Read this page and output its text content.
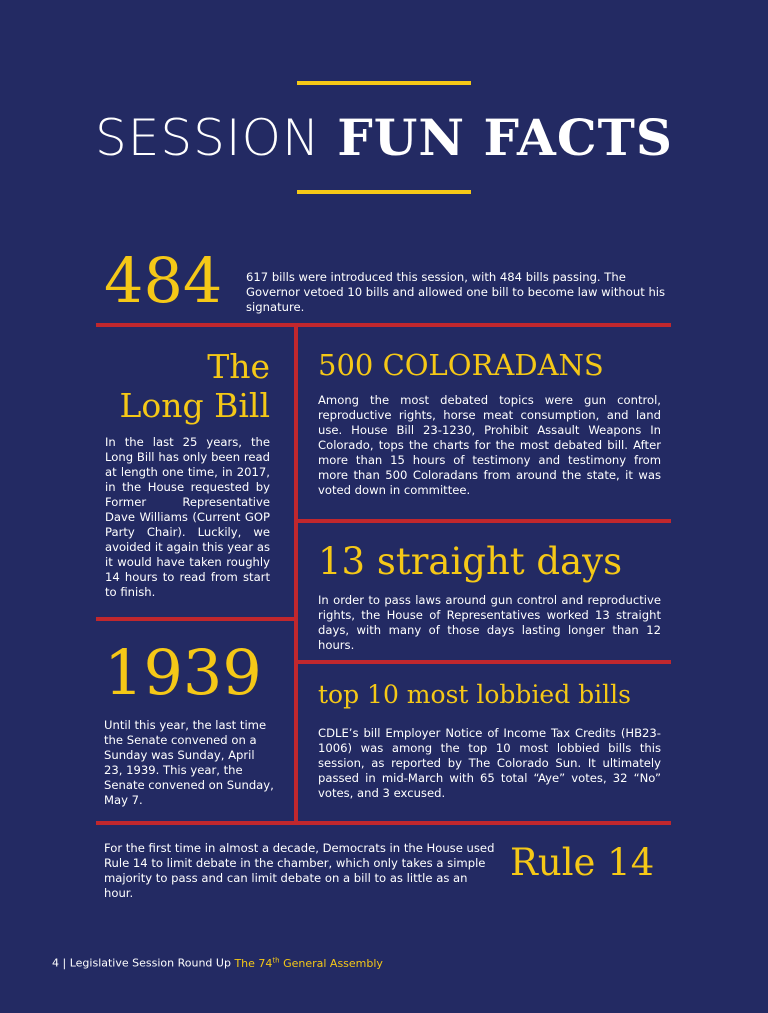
SESSION FUN FACTS
484 617 bills were introduced this session, with 484 bills passing. The Governor vetoed 10 bills and allowed one bill to become law without his signature.
The
Long Bill
In the last 25 years, the Long Bill has only been read at length one time, in 2017, in the House requested by Former Representative Dave Williams (Current GOP Party Chair). Luckily, we avoided it again this year as it would have taken roughly 14 hours to read from start to finish.
500 COLORADANS
Among the most debated topics were gun control, reproductive rights, horse meat consumption, and land use. House Bill 23-1230, Prohibit Assault Weapons In Colorado, tops the charts for the most debated bill. After more than 15 hours of testimony and testimony from more than 500 Coloradans from around the state, it was voted down in committee.
13 straight days
In order to pass laws around gun control and reproductive rights, the House of Representatives worked 13 straight days, with many of those days lasting longer than 12 hours.
1939
Until this year, the last time the Senate convened on a Sunday was Sunday, April 23, 1939. This year, the Senate convened on Sunday, May 7.
top 10 most lobbied bills
CDLE’s bill Employer Notice of Income Tax Credits (HB23-1006) was among the top 10 most lobbied bills this session, as reported by The Colorado Sun. It ultimately passed in mid-March with 65 total “Aye” votes, 32 “No” votes, and 3 excused.
For the first time in almost a decade, Democrats in the House used Rule 14 to limit debate in the chamber, which only takes a simple majority to pass and can limit debate on a bill to as little as an hour.
Rule 14
4 | Legislative Session Round Up The 74th General Assembly
